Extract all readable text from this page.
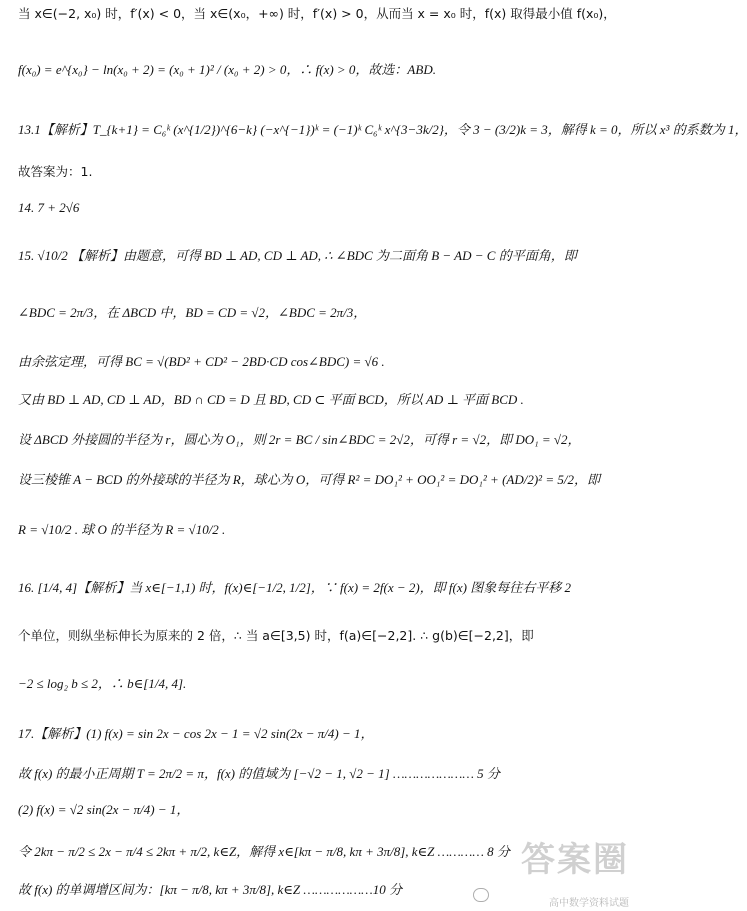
当 x∈(−2, x₀) 时，f′(x) < 0，当 x∈(x₀，+∞) 时，f′(x) > 0，从而当 x = x₀ 时，f(x) 取得最小值 f(x₀)，
f(x₀) = e^{x₀} − ln(x₀ + 2) = (x₀ + 1)² / (x₀ + 2) > 0，∴ f(x) > 0，故选：ABD.
13.1【解析】T_{k+1} = C₆ᵏ (x^{1/2})^{6−k} (−x^{−1})ᵏ = (−1)ᵏ C₆ᵏ x^{3−3k/2}，令 3 − (3/2)k = 3，解得 k = 0，所以 x³ 的系数为 1，
故答案为：1.
14. 7 + 2√6
15. √10/2 【解析】由题意，可得 BD ⊥ AD, CD ⊥ AD, ∴ ∠BDC 为二面角 B − AD − C 的平面角，即
∠BDC = 2π/3，在 ΔBCD 中，BD = CD = √2，∠BDC = 2π/3，
由余弦定理，可得 BC = √(BD² + CD² − 2BD·CD cos∠BDC) = √6 .
又由 BD ⊥ AD, CD ⊥ AD，BD ∩ CD = D 且 BD, CD ⊂ 平面 BCD，所以 AD ⊥ 平面 BCD .
设 ΔBCD 外接圆的半径为 r，圆心为 O₁，则 2r = BC / sin∠BDC = 2√2，可得 r = √2，即 DO₁ = √2，
设三棱锥 A − BCD 的外接球的半径为 R，球心为 O，可得 R² = DO₁² + OO₁² = DO₁² + (AD/2)² = 5/2，即
R = √10/2 . 球 O 的半径为 R = √10/2 .
16. [1/4, 4]【解析】当 x∈[−1,1) 时，f(x)∈[−1/2, 1/2]，∵ f(x) = 2f(x − 2)，即 f(x) 图象每往右平移 2
个单位，则纵坐标伸长为原来的 2 倍，∴ 当 a∈[3,5) 时，f(a)∈[−2,2]. ∴ g(b)∈[−2,2]，即
−2 ≤ log₂ b ≤ 2，∴ b∈[1/4, 4].
17.【解析】(1) f(x) = sin 2x − cos 2x − 1 = √2 sin(2x − π/4) − 1，
故 f(x) 的最小正周期 T = 2π/2 = π，f(x) 的值域为 [−√2 − 1, √2 − 1] ………………… 5 分
(2) f(x) = √2 sin(2x − π/4) − 1，
令 2kπ − π/2 ≤ 2x − π/4 ≤ 2kπ + π/2, k∈Z，解得 x∈[kπ − π/8, kπ + 3π/8], k∈Z ………… 8 分
故 f(x) 的单调增区间为：[kπ − π/8, kπ + 3π/8], k∈Z ………………10 分
答案圈
高中数学资料试题
